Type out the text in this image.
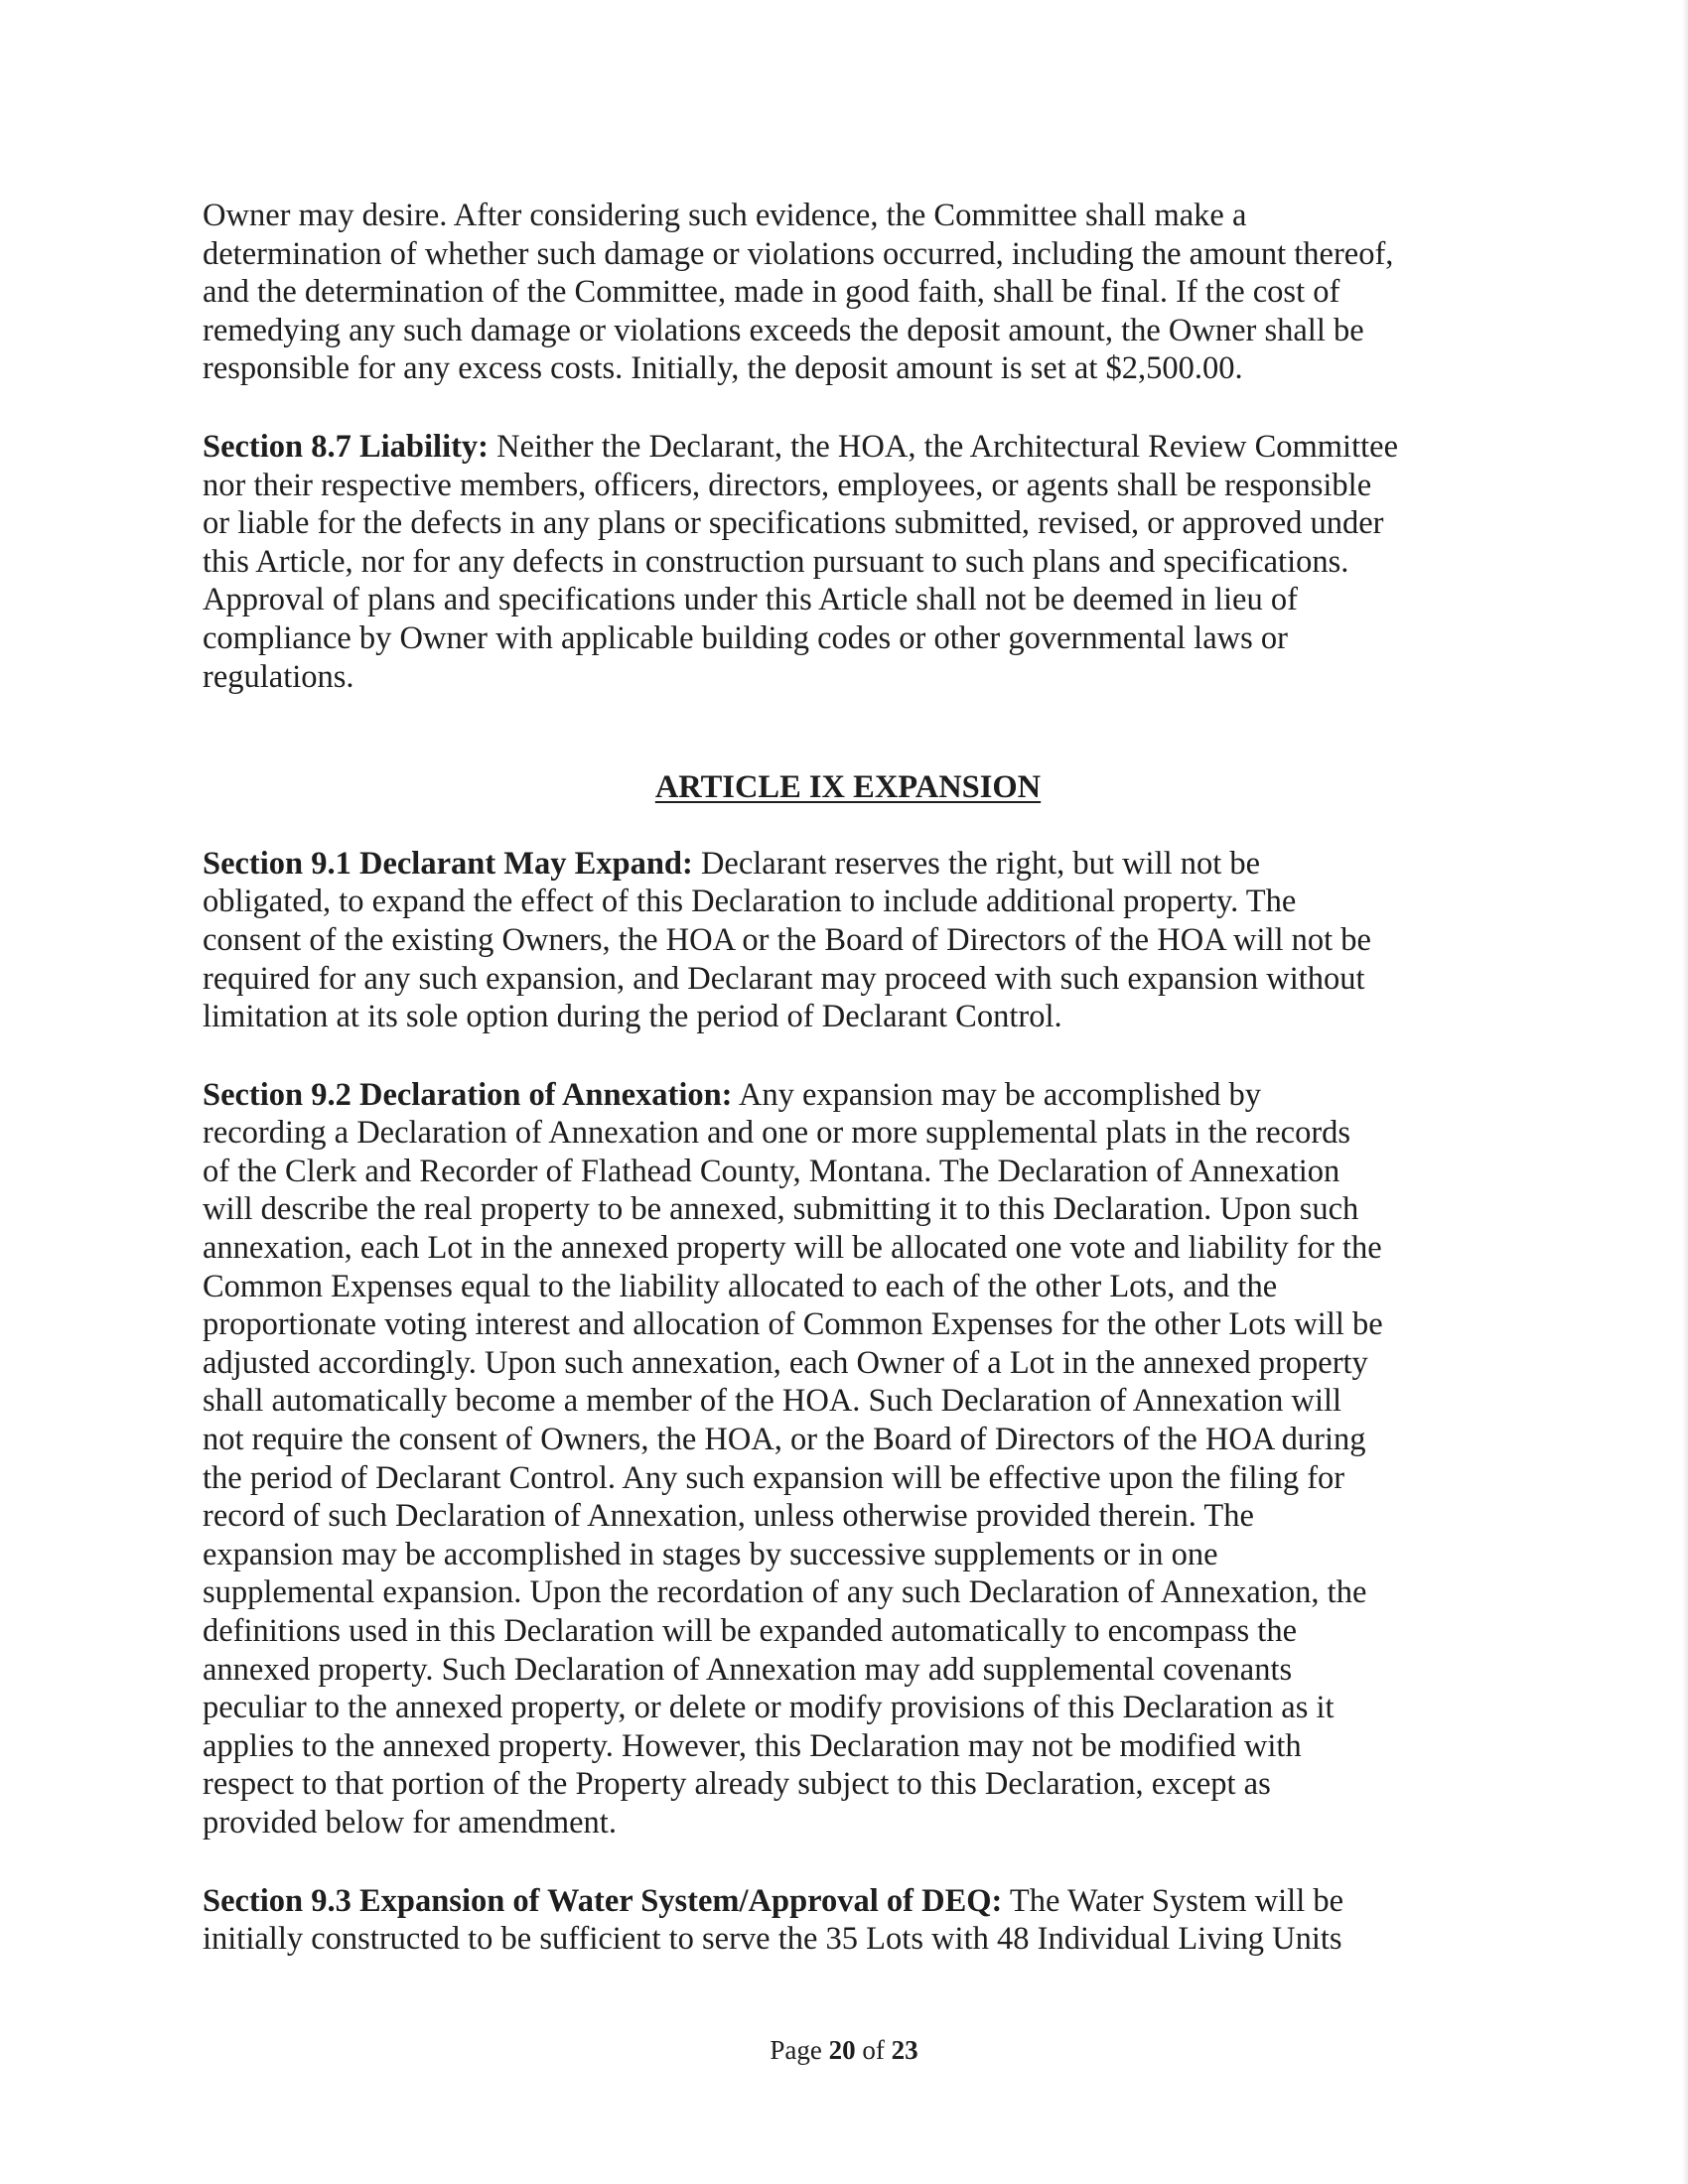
Owner may desire. After considering such evidence, the Committee shall make a
determination of whether such damage or violations occurred, including the amount thereof,
and the determination of the Committee, made in good faith, shall be final. If the cost of
remedying any such damage or violations exceeds the deposit amount, the Owner shall be
responsible for any excess costs. Initially, the deposit amount is set at $2,500.00.

Section 8.7 Liability: Neither the Declarant, the HOA, the Architectural Review Committee
nor their respective members, officers, directors, employees, or agents shall be responsible
or liable for the defects in any plans or specifications submitted, revised, or approved under
this Article, nor for any defects in construction pursuant to such plans and specifications.
Approval of plans and specifications under this Article shall not be deemed in lieu of
compliance by Owner with applicable building codes or other governmental laws or
regulations.

ARTICLE IX EXPANSION

Section 9.1 Declarant May Expand: Declarant reserves the right, but will not be
obligated, to expand the effect of this Declaration to include additional property. The
consent of the existing Owners, the HOA or the Board of Directors of the HOA will not be
required for any such expansion, and Declarant may proceed with such expansion without
limitation at its sole option during the period of Declarant Control.

Section 9.2 Declaration of Annexation: Any expansion may be accomplished by
recording a Declaration of Annexation and one or more supplemental plats in the records
of the Clerk and Recorder of Flathead County, Montana. The Declaration of Annexation
will describe the real property to be annexed, submitting it to this Declaration. Upon such
annexation, each Lot in the annexed property will be allocated one vote and liability for the
Common Expenses equal to the liability allocated to each of the other Lots, and the
proportionate voting interest and allocation of Common Expenses for the other Lots will be
adjusted accordingly. Upon such annexation, each Owner of a Lot in the annexed property
shall automatically become a member of the HOA. Such Declaration of Annexation will
not require the consent of Owners, the HOA, or the Board of Directors of the HOA during
the period of Declarant Control. Any such expansion will be effective upon the filing for
record of such Declaration of Annexation, unless otherwise provided therein. The
expansion may be accomplished in stages by successive supplements or in one
supplemental expansion. Upon the recordation of any such Declaration of Annexation, the
definitions used in this Declaration will be expanded automatically to encompass the
annexed property. Such Declaration of Annexation may add supplemental covenants
peculiar to the annexed property, or delete or modify provisions of this Declaration as it
applies to the annexed property. However, this Declaration may not be modified with
respect to that portion of the Property already subject to this Declaration, except as
provided below for amendment.

Section 9.3 Expansion of Water System/Approval of DEQ: The Water System will be
initially constructed to be sufficient to serve the 35 Lots with 48 Individual Living Units

Page 20 of 23
